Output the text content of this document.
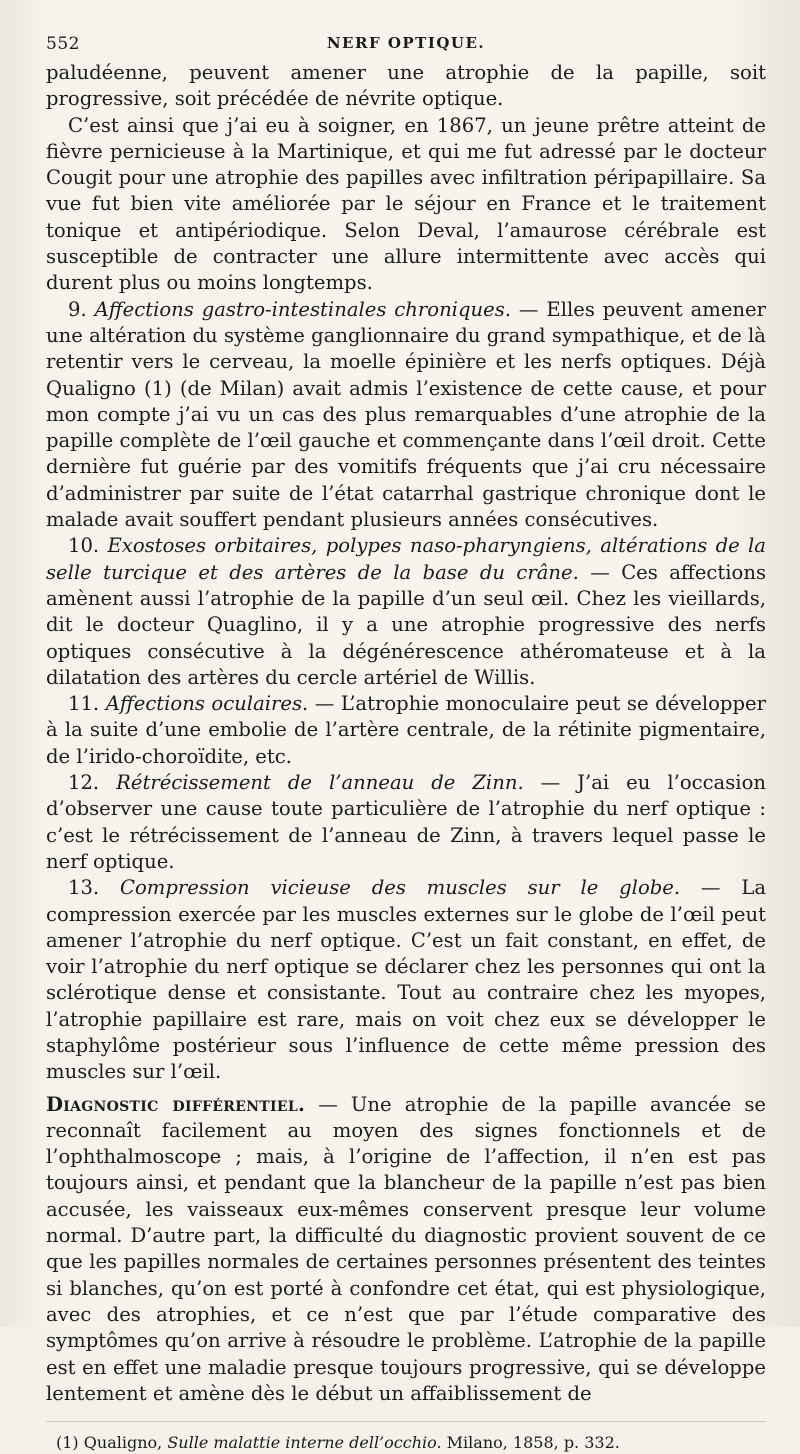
552	NERF OPTIQUE.

paludéenne, peuvent amener une atrophie de la papille, soit progressive, soit précédée de névrite optique.

C’est ainsi que j’ai eu à soigner, en 1867, un jeune prêtre atteint de fièvre pernicieuse à la Martinique, et qui me fut adressé par le docteur Cougit pour une atrophie des papilles avec infiltration péripapillaire. Sa vue fut bien vite améliorée par le séjour en France et le traitement tonique et antipériodique. Selon Deval, l’amaurose cérébrale est susceptible de contracter une allure intermittente avec accès qui durent plus ou moins longtemps.

9. Affections gastro-intestinales chroniques. — Elles peuvent amener une altération du système ganglionnaire du grand sympathique, et de là retentir vers le cerveau, la moelle épinière et les nerfs optiques. Déjà Qualigno (1) (de Milan) avait admis l’existence de cette cause, et pour mon compte j’ai vu un cas des plus remarquables d’une atrophie de la papille complète de l’œil gauche et commençante dans l’œil droit. Cette dernière fut guérie par des vomitifs fréquents que j’ai cru nécessaire d’administrer par suite de l’état catarrhal gastrique chronique dont le malade avait souffert pendant plusieurs années consécutives.

10. Exostoses orbitaires, polypes naso-pharyngiens, altérations de la selle turcique et des artères de la base du crâne. — Ces affections amènent aussi l’atrophie de la papille d’un seul œil. Chez les vieillards, dit le docteur Quaglino, il y a une atrophie progressive des nerfs optiques consécutive à la dégénérescence athéromateuse et à la dilatation des artères du cercle artériel de Willis.

11. Affections oculaires. — L’atrophie monoculaire peut se développer à la suite d’une embolie de l’artère centrale, de la rétinite pigmentaire, de l’irido-choroïdite, etc.

12. Rétrécissement de l’anneau de Zinn. — J’ai eu l’occasion d’observer une cause toute particulière de l’atrophie du nerf optique : c’est le rétrécissement de l’anneau de Zinn, à travers lequel passe le nerf optique.

13. Compression vicieuse des muscles sur le globe. — La compression exercée par les muscles externes sur le globe de l’œil peut amener l’atrophie du nerf optique. C’est un fait constant, en effet, de voir l’atrophie du nerf optique se déclarer chez les personnes qui ont la sclérotique dense et consistante. Tout au contraire chez les myopes, l’atrophie papillaire est rare, mais on voit chez eux se développer le staphylôme postérieur sous l’influence de cette même pression des muscles sur l’œil.

Diagnostic différentiel. — Une atrophie de la papille avancée se reconnaît facilement au moyen des signes fonctionnels et de l’ophthalmoscope ; mais, à l’origine de l’affection, il n’en est pas toujours ainsi, et pendant que la blancheur de la papille n’est pas bien accusée, les vaisseaux eux-mêmes conservent presque leur volume normal. D’autre part, la difficulté du diagnostic provient souvent de ce que les papilles normales de certaines personnes présentent des teintes si blanches, qu’on est porté à confondre cet état, qui est physiologique, avec des atrophies, et ce n’est que par l’étude comparative des symptômes qu’on arrive à résoudre le problème. L’atrophie de la papille est en effet une maladie presque toujours progressive, qui se développe lentement et amène dès le début un affaiblissement de

(1) Qualigno, Sulle malattie interne dell’occhio. Milano, 1858, p. 332.
